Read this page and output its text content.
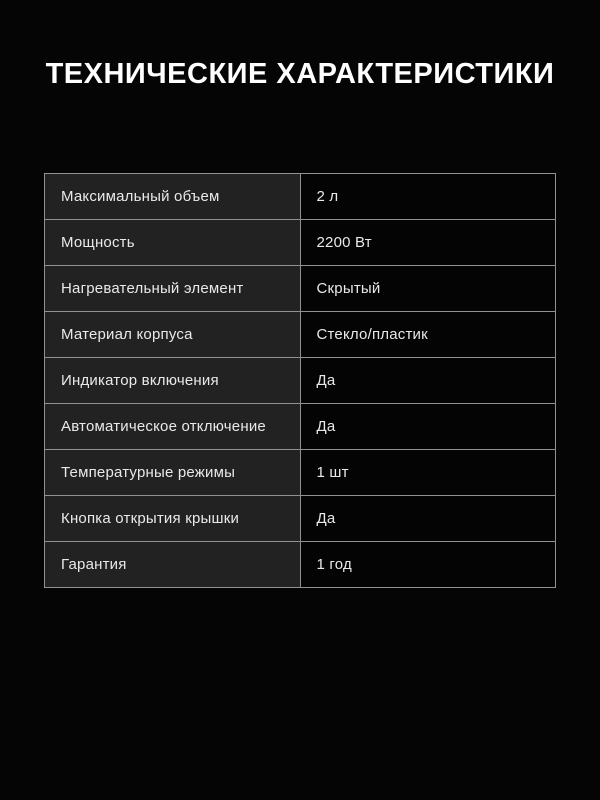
ТЕХНИЧЕСКИЕ ХАРАКТЕРИСТИКИ
Максимальный объем	2 л
Мощность	2200 Вт
Нагревательный элемент	Скрытый
Материал корпуса	Стекло/пластик
Индикатор включения	Да
Автоматическое отключение	Да
Температурные режимы	1 шт
Кнопка открытия крышки	Да
Гарантия	1 год
